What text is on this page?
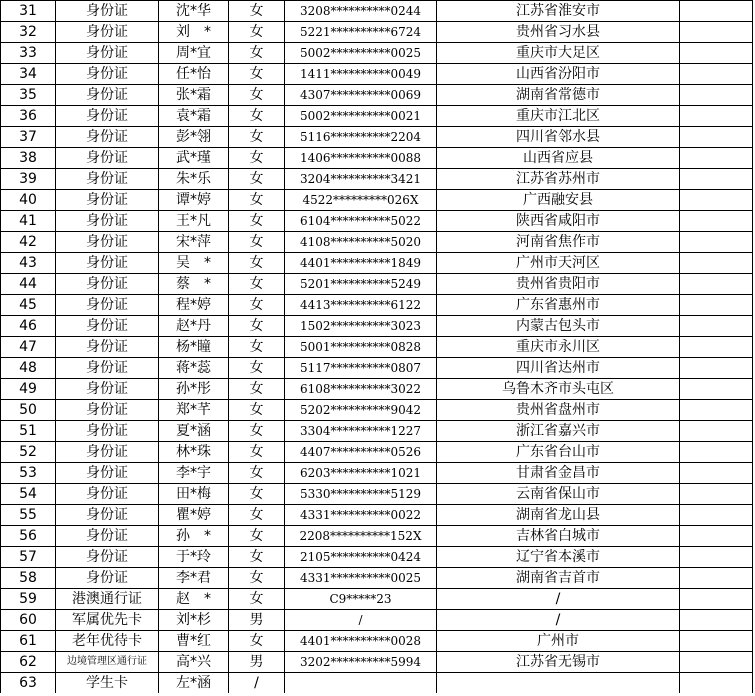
31	身份证	沈*华	女	3208**********0244	江苏省淮安市	
32	身份证	刘　*	女	5221**********6724	贵州省习水县	
33	身份证	周*宜	女	5002**********0025	重庆市大足区	
34	身份证	任*怡	女	1411**********0049	山西省汾阳市	
35	身份证	张*霜	女	4307**********0069	湖南省常德市	
36	身份证	袁*霜	女	5002**********0021	重庆市江北区	
37	身份证	彭*翎	女	5116**********2204	四川省邻水县	
38	身份证	武*瑾	女	1406**********0088	山西省应县	
39	身份证	朱*乐	女	3204**********3421	江苏省苏州市	
40	身份证	谭*婷	女	4522*********026X	广西融安县	
41	身份证	王*凡	女	6104**********5022	陕西省咸阳市	
42	身份证	宋*萍	女	4108**********5020	河南省焦作市	
43	身份证	吴　*	女	4401**********1849	广州市天河区	
44	身份证	蔡　*	女	5201**********5249	贵州省贵阳市	
45	身份证	程*婷	女	4413**********6122	广东省惠州市	
46	身份证	赵*丹	女	1502**********3023	内蒙古包头市	
47	身份证	杨*瞳	女	5001**********0828	重庆市永川区	
48	身份证	蒋*蕊	女	5117**********0807	四川省达州市	
49	身份证	孙*彤	女	6108**********3022	乌鲁木齐市头屯区	
50	身份证	郑*芊	女	5202**********9042	贵州省盘州市	
51	身份证	夏*涵	女	3304**********1227	浙江省嘉兴市	
52	身份证	林*珠	女	4407**********0526	广东省台山市	
53	身份证	李*宇	女	6203**********1021	甘肃省金昌市	
54	身份证	田*梅	女	5330**********5129	云南省保山市	
55	身份证	瞿*婷	女	4331**********0022	湖南省龙山县	
56	身份证	孙　*	女	2208**********152X	吉林省白城市	
57	身份证	于*玲	女	2105**********0424	辽宁省本溪市	
58	身份证	李*君	女	4331**********0025	湖南省吉首市	
59	港澳通行证	赵　*	女	C9*****23	/	
60	军属优先卡	刘*杉	男	/	/	
61	老年优待卡	曹*红	女	4401**********0028	广州市	
62	边境管理区通行证	高*兴	男	3202**********5994	江苏省无锡市	
63	学生卡	左*涵	/			
